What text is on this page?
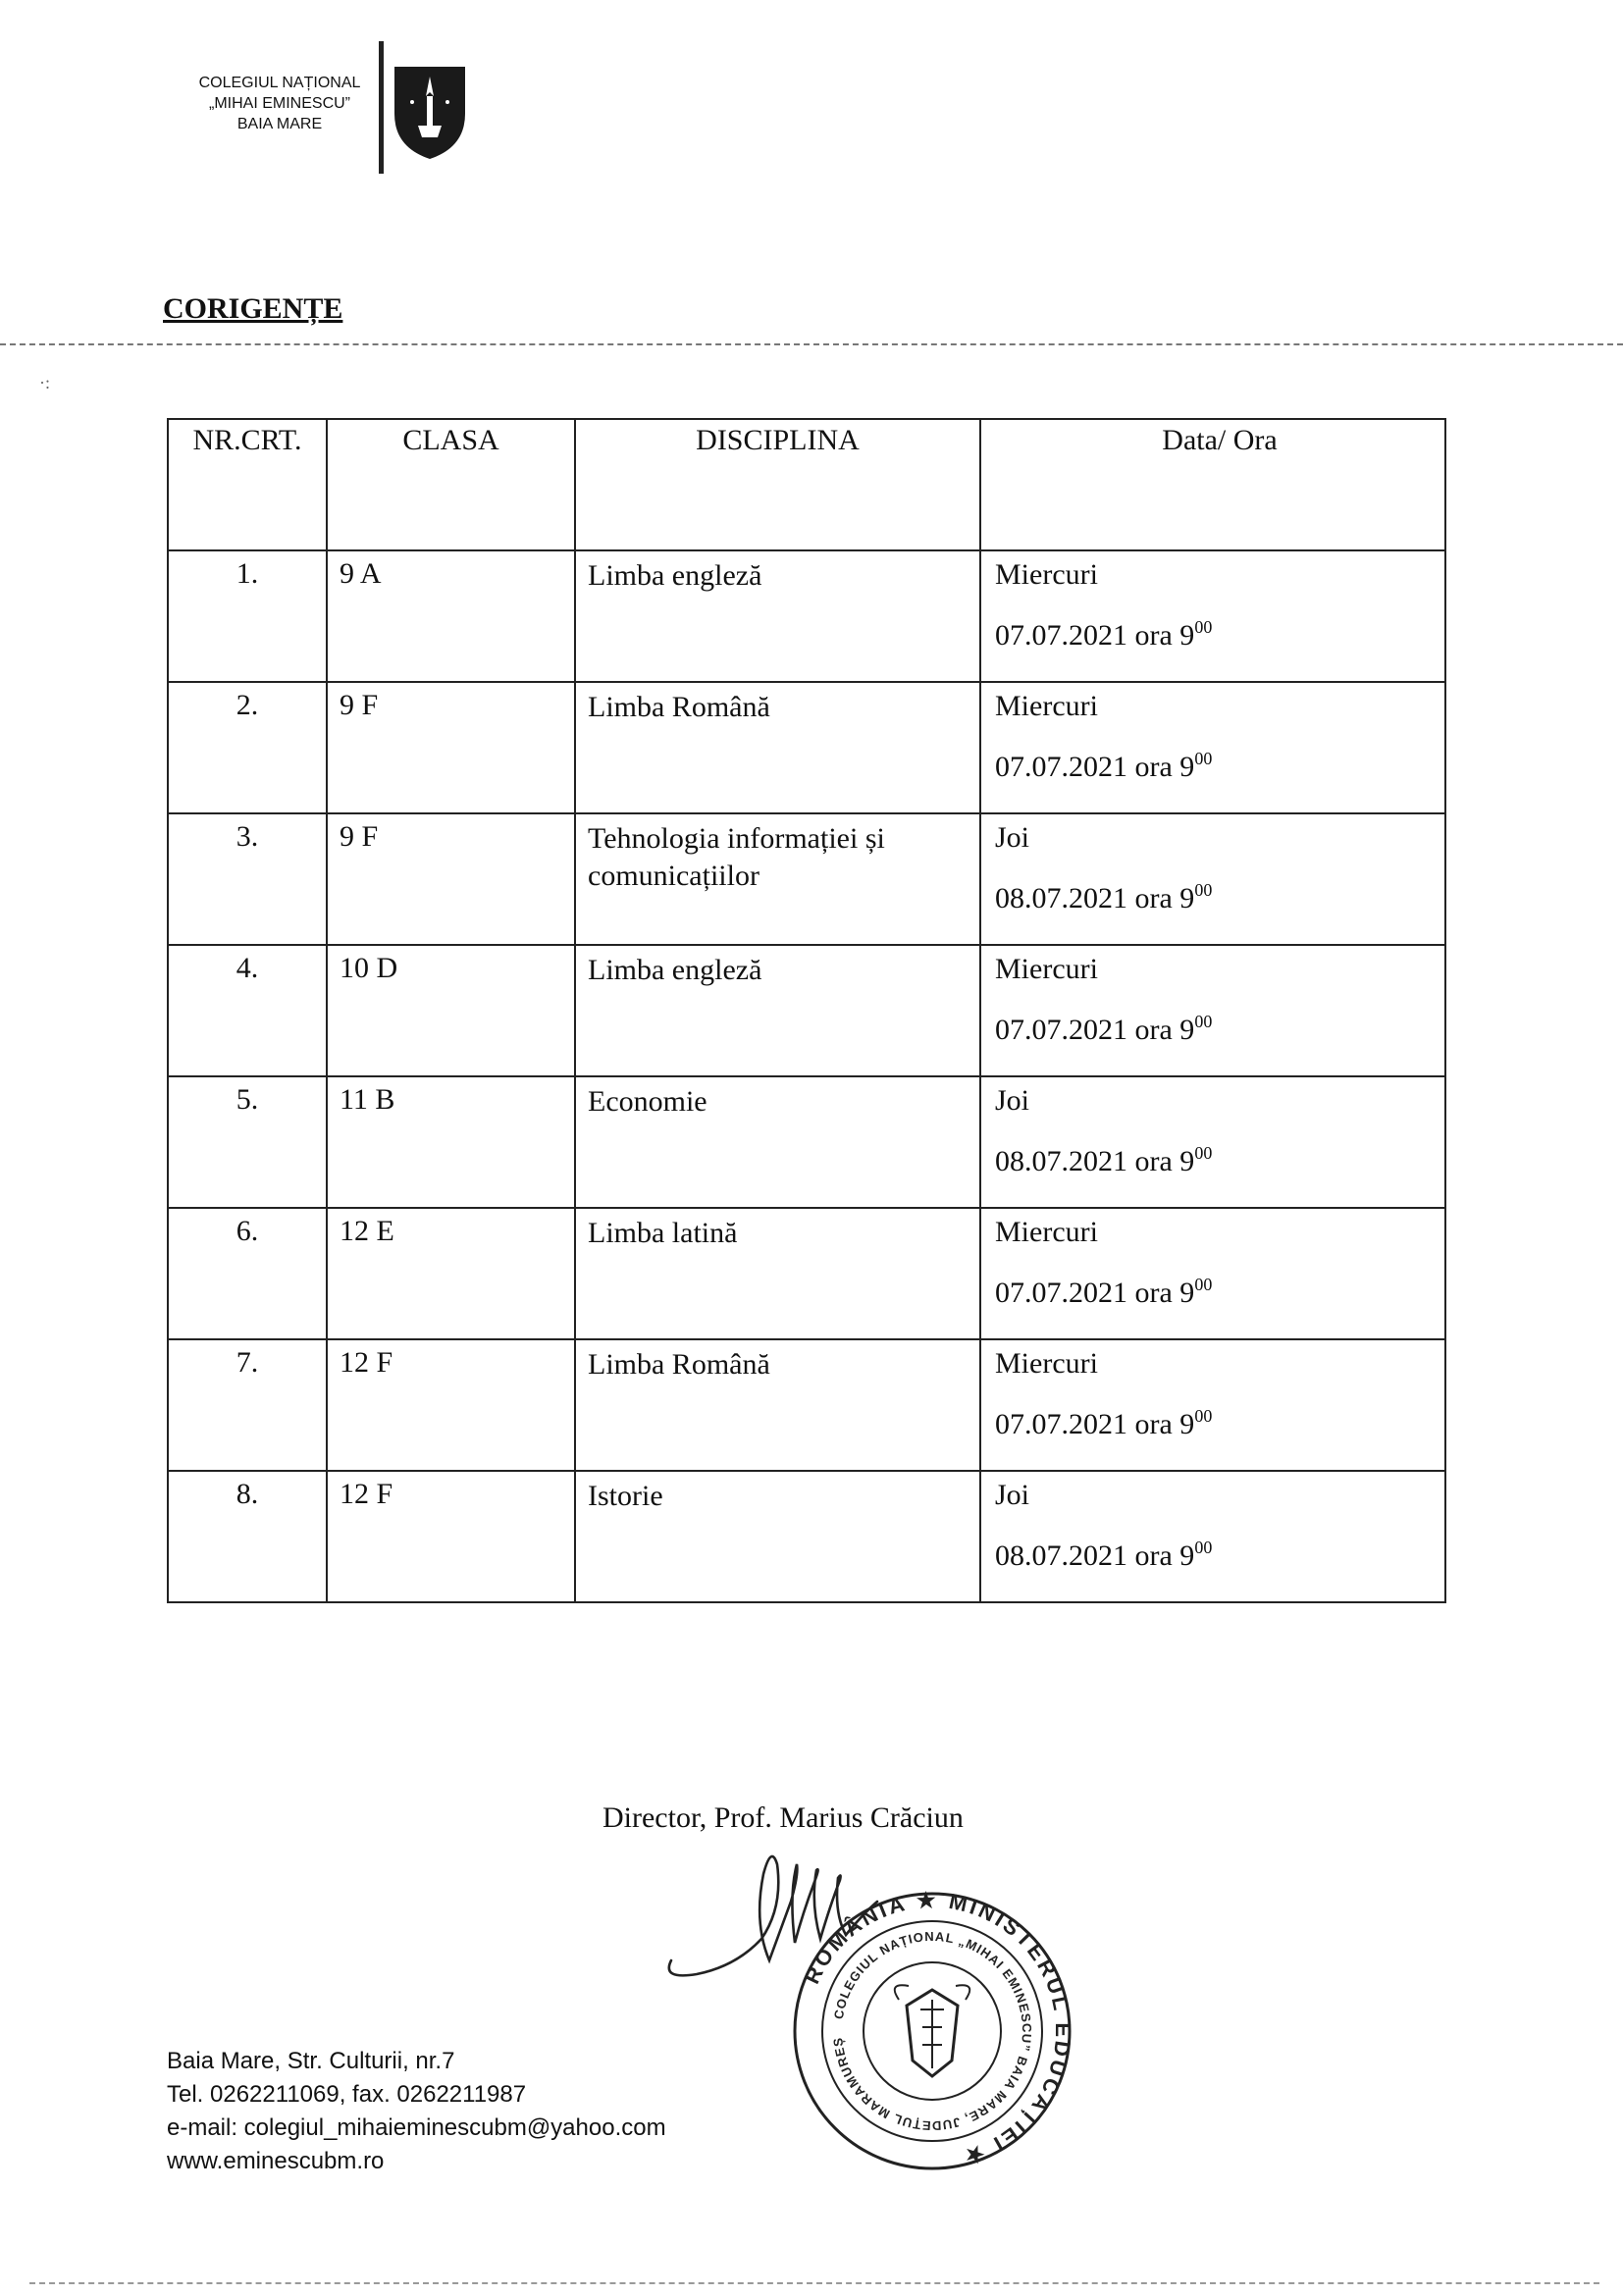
COLEGIUL NAȚIONAL
„MIHAI EMINESCU”
BAIA MARE
CORIGENȚE
·:
NR.CRT.	CLASA	DISCIPLINA	Data/ Ora
1.	9 A	Limba engleză	Miercuri
07.07.2021 ora $9^{00}$

2.	9 F	Limba Română	Miercuri
07.07.2021 ora $9^{00}$

3.	9 F	Tehnologia informației și comunicațiilor	Joi
08.07.2021 ora $9^{00}$

4.	10 D	Limba engleză	Miercuri
07.07.2021 ora $9^{00}$

5.	11 B	Economie	Joi
08.07.2021 ora $9^{00}$

6.	12 E	Limba latină	Miercuri
07.07.2021 ora $9^{00}$

7.	12 F	Limba Română	Miercuri
07.07.2021 ora $9^{00}$

8.	12 F	Istorie	Joi
08.07.2021 ora $9^{00}$
Director, Prof. Marius Crăciun
ROMÂNIA ★ MINISTERUL EDUCAȚIEI ★
COLEGIUL NAȚIONAL „MIHAI EMINESCU” BAIA MARE, JUDEȚUL MARAMUREȘ
Baia Mare, Str. Culturii, nr.7
Tel. 0262211069, fax. 0262211987
e-mail: colegiul_mihaieminescubm@yahoo.com
www.eminescubm.ro
